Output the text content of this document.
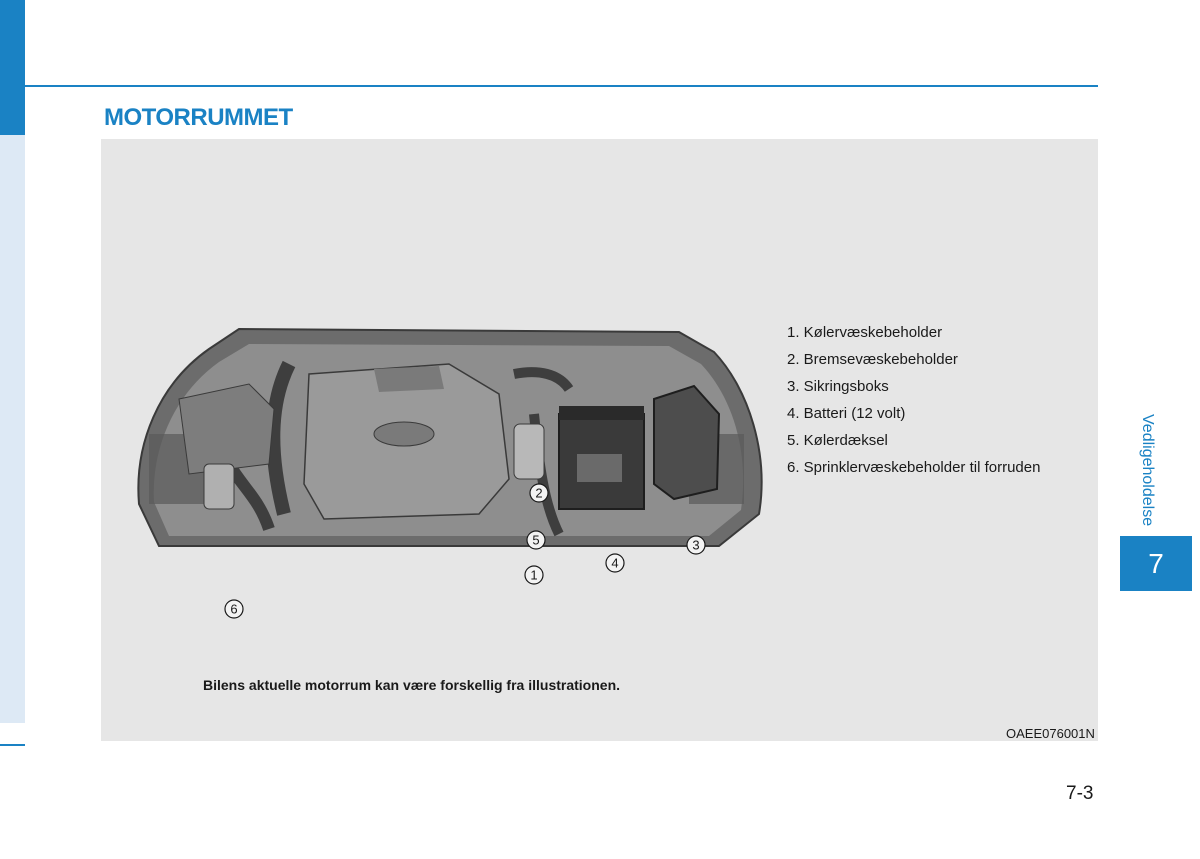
MOTORRUMMET
1
2
3
4
5
6
1. Kølervæskebeholder
2. Bremsevæskebeholder
3. Sikringsboks
4. Batteri (12 volt)
5. Kølerdæksel
6. Sprinklervæskebeholder til forruden
Bilens aktuelle motorrum kan være forskellig fra illustrationen.
OAEE076001N
Vedligeholdelse
7
7-3
